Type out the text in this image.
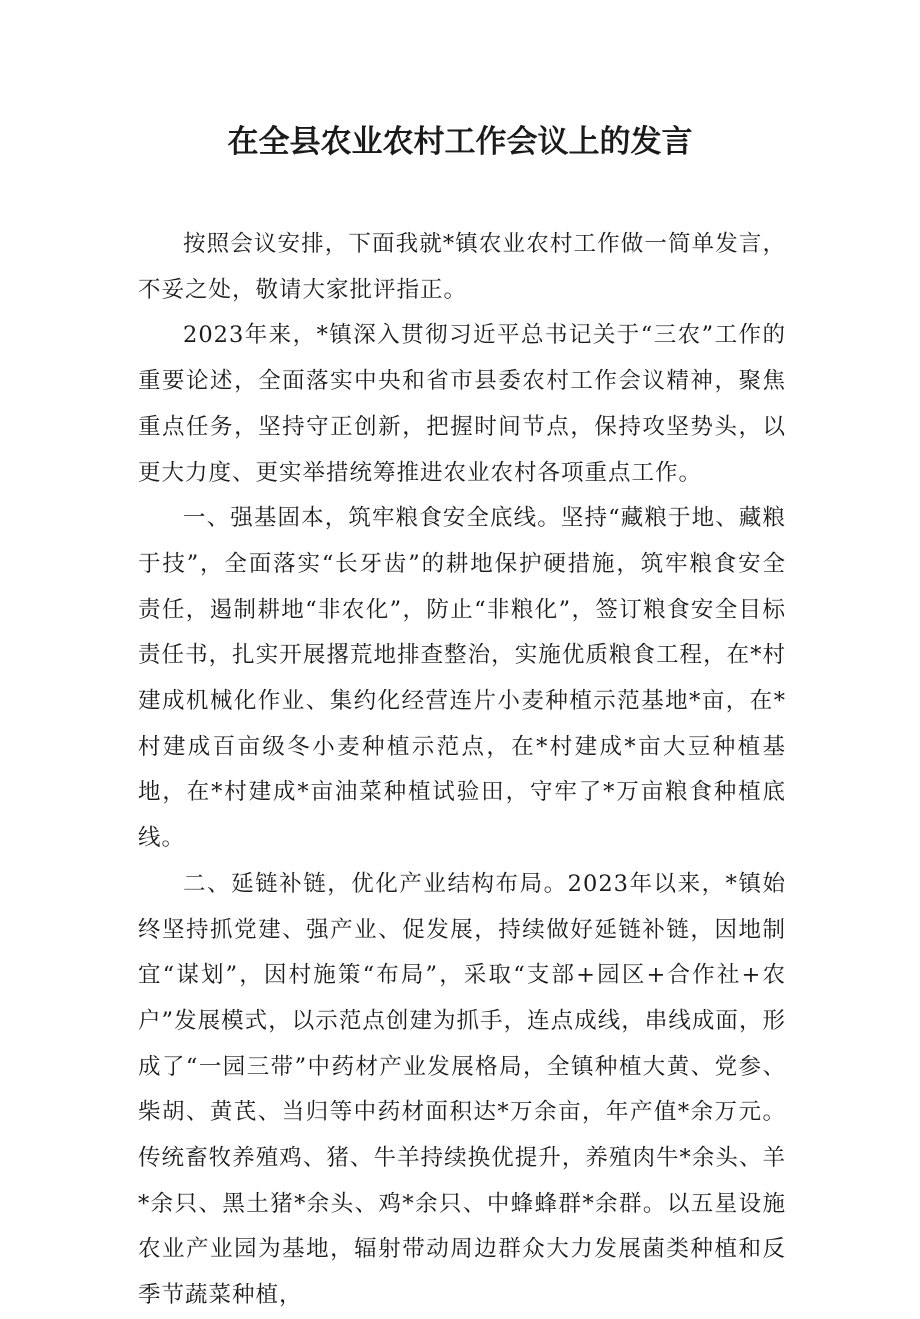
在全县农业农村工作会议上的发言

按照会议安排，下面我就*镇农业农村工作做一简单发言，不妥之处，敬请大家批评指正。

2023年来，*镇深入贯彻习近平总书记关于“三农”工作的重要论述，全面落实中央和省市县委农村工作会议精神，聚焦重点任务，坚持守正创新，把握时间节点，保持攻坚势头，以更大力度、更实举措统筹推进农业农村各项重点工作。

一、强基固本，筑牢粮食安全底线。坚持“藏粮于地、藏粮于技”，全面落实“长牙齿”的耕地保护硬措施，筑牢粮食安全责任，遏制耕地“非农化”，防止“非粮化”，签订粮食安全目标责任书，扎实开展撂荒地排查整治，实施优质粮食工程，在*村建成机械化作业、集约化经营连片小麦种植示范基地*亩，在*村建成百亩级冬小麦种植示范点，在*村建成*亩大豆种植基地，在*村建成*亩油菜种植试验田，守牢了*万亩粮食种植底线。

二、延链补链，优化产业结构布局。2023年以来，*镇始终坚持抓党建、强产业、促发展，持续做好延链补链，因地制宜“谋划”，因村施策“布局”，采取“支部+园区+合作社+农户”发展模式，以示范点创建为抓手，连点成线，串线成面，形成了“一园三带”中药材产业发展格局，全镇种植大黄、党参、柴胡、黄芪、当归等中药材面积达*万余亩，年产值*余万元。传统畜牧养殖鸡、猪、牛羊持续换优提升，养殖肉牛*余头、羊*余只、黑土猪*余头、鸡*余只、中蜂蜂群*余群。以五星设施农业产业园为基地，辐射带动周边群众大力发展菌类种植和反季节蔬菜种植，
